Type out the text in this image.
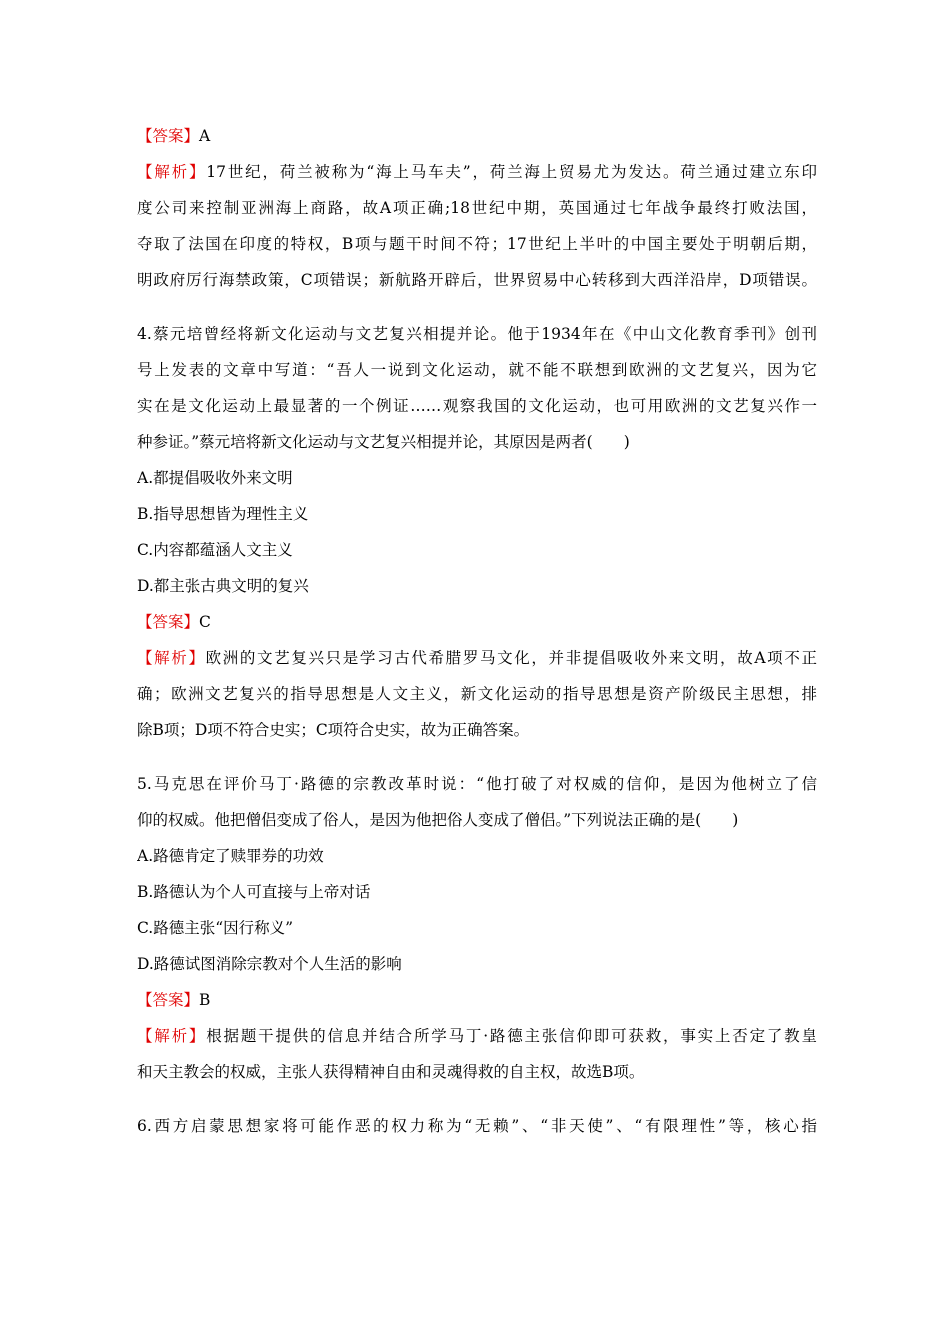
【答案】A
【解析】17世纪，荷兰被称为“海上马车夫”，荷兰海上贸易尤为发达。荷兰通过建立东印
度公司来控制亚洲海上商路，故A项正确;18世纪中期，英国通过七年战争最终打败法国，
夺取了法国在印度的特权，B项与题干时间不符；17世纪上半叶的中国主要处于明朝后期，
明政府厉行海禁政策，C项错误；新航路开辟后，世界贸易中心转移到大西洋沿岸，D项错误。
4.蔡元培曾经将新文化运动与文艺复兴相提并论。他于1934年在《中山文化教育季刊》创刊
号上发表的文章中写道：“吾人一说到文化运动，就不能不联想到欧洲的文艺复兴，因为它
实在是文化运动上最显著的一个例证……观察我国的文化运动，也可用欧洲的文艺复兴作一
种参证。”蔡元培将新文化运动与文艺复兴相提并论，其原因是两者(　　)
A.都提倡吸收外来文明
B.指导思想皆为理性主义
C.内容都蕴涵人文主义
D.都主张古典文明的复兴
【答案】C
【解析】欧洲的文艺复兴只是学习古代希腊罗马文化，并非提倡吸收外来文明，故A项不正
确；欧洲文艺复兴的指导思想是人文主义，新文化运动的指导思想是资产阶级民主思想，排
除B项；D项不符合史实；C项符合史实，故为正确答案。
5.马克思在评价马丁·路德的宗教改革时说：“他打破了对权威的信仰，是因为他树立了信
仰的权威。他把僧侣变成了俗人，是因为他把俗人变成了僧侣。”下列说法正确的是(　　)
A.路德肯定了赎罪券的功效
B.路德认为个人可直接与上帝对话
C.路德主张“因行称义”
D.路德试图消除宗教对个人生活的影响
【答案】B
【解析】根据题干提供的信息并结合所学马丁·路德主张信仰即可获救，事实上否定了教皇
和天主教会的权威，主张人获得精神自由和灵魂得救的自主权，故选B项。
6.西方启蒙思想家将可能作恶的权力称为“无赖”、“非天使”、“有限理性”等，核心指
